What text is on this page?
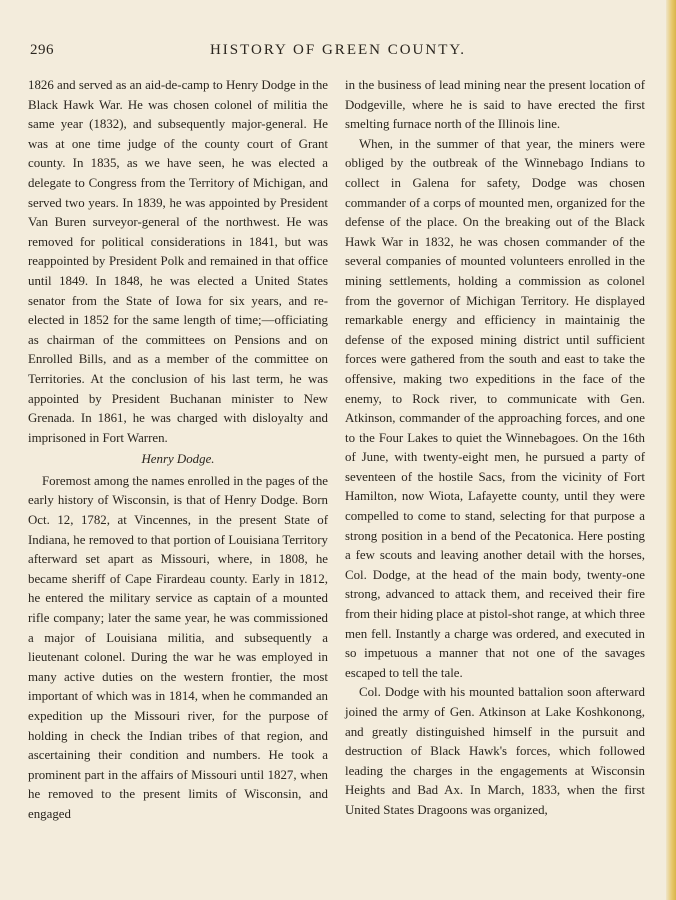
296	HISTORY OF GREEN COUNTY.

1826 and served as an aid-de-camp to Henry Dodge in the Black Hawk War. He was chosen colonel of militia the same year (1832), and subsequently major-general. He was at one time judge of the county court of Grant county. In 1835, as we have seen, he was elected a delegate to Congress from the Territory of Michigan, and served two years. In 1839, he was appointed by President Van Buren surveyor-general of the northwest. He was removed for political considerations in 1841, but was reappointed by President Polk and remained in that office until 1849. In 1848, he was elected a United States senator from the State of Iowa for six years, and re-elected in 1852 for the same length of time;—officiating as chairman of the committees on Pensions and on Enrolled Bills, and as a member of the committee on Territories. At the conclusion of his last term, he was appointed by President Buchanan minister to New Grenada. In 1861, he was charged with disloyalty and imprisoned in Fort Warren.

Henry Dodge.

Foremost among the names enrolled in the pages of the early history of Wisconsin, is that of Henry Dodge. Born Oct. 12, 1782, at Vincennes, in the present State of Indiana, he removed to that portion of Louisiana Territory afterward set apart as Missouri, where, in 1808, he became sheriff of Cape Firardeau county. Early in 1812, he entered the military service as captain of a mounted rifle company; later the same year, he was commissioned a major of Louisiana militia, and subsequently a lieutenant colonel. During the war he was employed in many active duties on the western frontier, the most important of which was in 1814, when he commanded an expedition up the Missouri river, for the purpose of holding in check the Indian tribes of that region, and ascertaining their condition and numbers. He took a prominent part in the affairs of Missouri until 1827, when he removed to the present limits of Wisconsin, and engaged

in the business of lead mining near the present location of Dodgeville, where he is said to have erected the first smelting furnace north of the Illinois line.

When, in the summer of that year, the miners were obliged by the outbreak of the Winnebago Indians to collect in Galena for safety, Dodge was chosen commander of a corps of mounted men, organized for the defense of the place. On the breaking out of the Black Hawk War in 1832, he was chosen commander of the several companies of mounted volunteers enrolled in the mining settlements, holding a commission as colonel from the governor of Michigan Territory. He displayed remarkable energy and efficiency in maintainig the defense of the exposed mining district until sufficient forces were gathered from the south and east to take the offensive, making two expeditions in the face of the enemy, to Rock river, to communicate with Gen. Atkinson, commander of the approaching forces, and one to the Four Lakes to quiet the Winnebagoes. On the 16th of June, with twenty-eight men, he pursued a party of seventeen of the hostile Sacs, from the vicinity of Fort Hamilton, now Wiota, Lafayette county, until they were compelled to come to stand, selecting for that purpose a strong position in a bend of the Pecatonica. Here posting a few scouts and leaving another detail with the horses, Col. Dodge, at the head of the main body, twenty-one strong, advanced to attack them, and received their fire from their hiding place at pistol-shot range, at which three men fell. Instantly a charge was ordered, and executed in so impetuous a manner that not one of the savages escaped to tell the tale.

Col. Dodge with his mounted battalion soon afterward joined the army of Gen. Atkinson at Lake Koshkonong, and greatly distinguished himself in the pursuit and destruction of Black Hawk's forces, which followed leading the charges in the engagements at Wisconsin Heights and Bad Ax. In March, 1833, when the first United States Dragoons was organized,
